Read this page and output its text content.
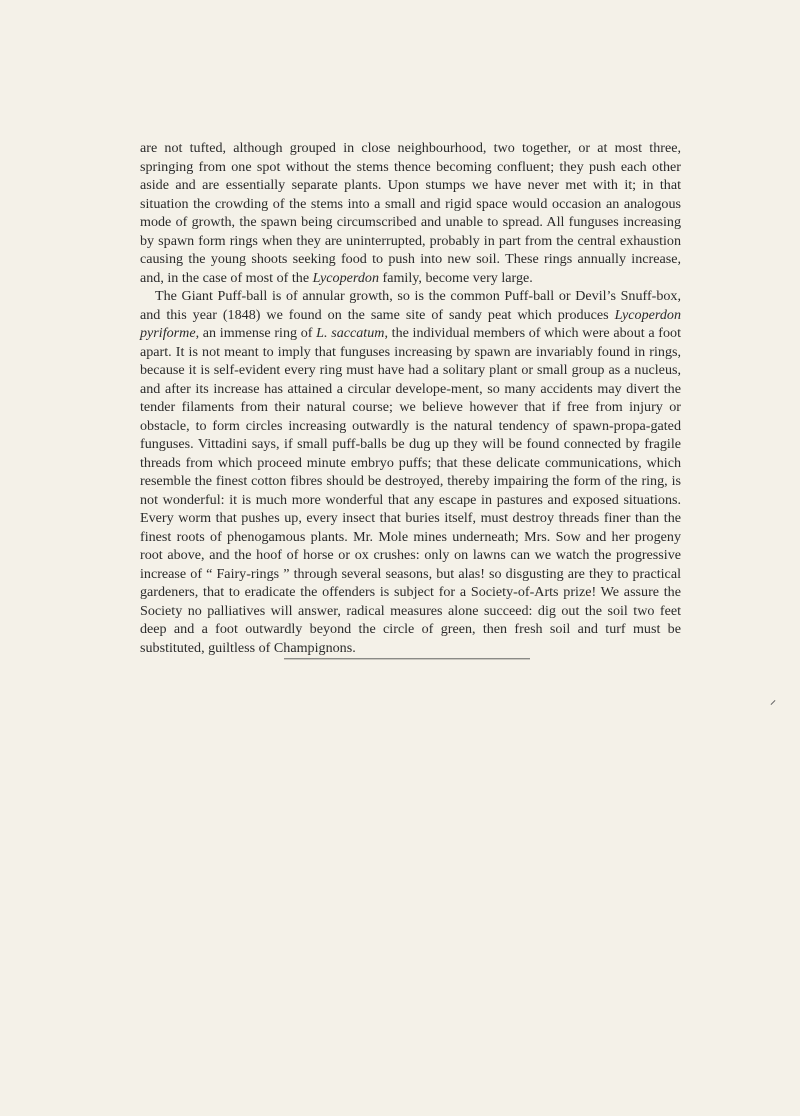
are not tufted, although grouped in close neighbourhood, two together, or at most three, springing from one spot without the stems thence becoming confluent; they push each other aside and are essentially separate plants. Upon stumps we have never met with it; in that situation the crowding of the stems into a small and rigid space would occasion an analogous mode of growth, the spawn being circumscribed and unable to spread. All funguses increasing by spawn form rings when they are uninterrupted, probably in part from the central exhaustion causing the young shoots seeking food to push into new soil. These rings annually increase, and, in the case of most of the Lycoperdon family, become very large.

The Giant Puff-ball is of annular growth, so is the common Puff-ball or Devil’s Snuff-box, and this year (1848) we found on the same site of sandy peat which produces Lycoperdon pyriforme, an immense ring of L. saccatum, the individual members of which were about a foot apart. It is not meant to imply that funguses increasing by spawn are invariably found in rings, because it is self-evident every ring must have had a solitary plant or small group as a nucleus, and after its increase has attained a circular develope-ment, so many accidents may divert the tender filaments from their natural course; we believe however that if free from injury or obstacle, to form circles increasing outwardly is the natural tendency of spawn-propa-gated funguses. Vittadini says, if small puff-balls be dug up they will be found connected by fragile threads from which proceed minute embryo puffs; that these delicate communications, which resemble the finest cotton fibres should be destroyed, thereby impairing the form of the ring, is not wonderful: it is much more wonderful that any escape in pastures and exposed situations. Every worm that pushes up, every insect that buries itself, must destroy threads finer than the finest roots of phenogamous plants. Mr. Mole mines underneath; Mrs. Sow and her progeny root above, and the hoof of horse or ox crushes: only on lawns can we watch the progressive increase of “ Fairy-rings ” through several seasons, but alas! so disgusting are they to practical gardeners, that to eradicate the offenders is subject for a Society-of-Arts prize! We assure the Society no palliatives will answer, radical measures alone succeed: dig out the soil two feet deep and a foot outwardly beyond the circle of green, then fresh soil and turf must be substituted, guiltless of Champignons.
